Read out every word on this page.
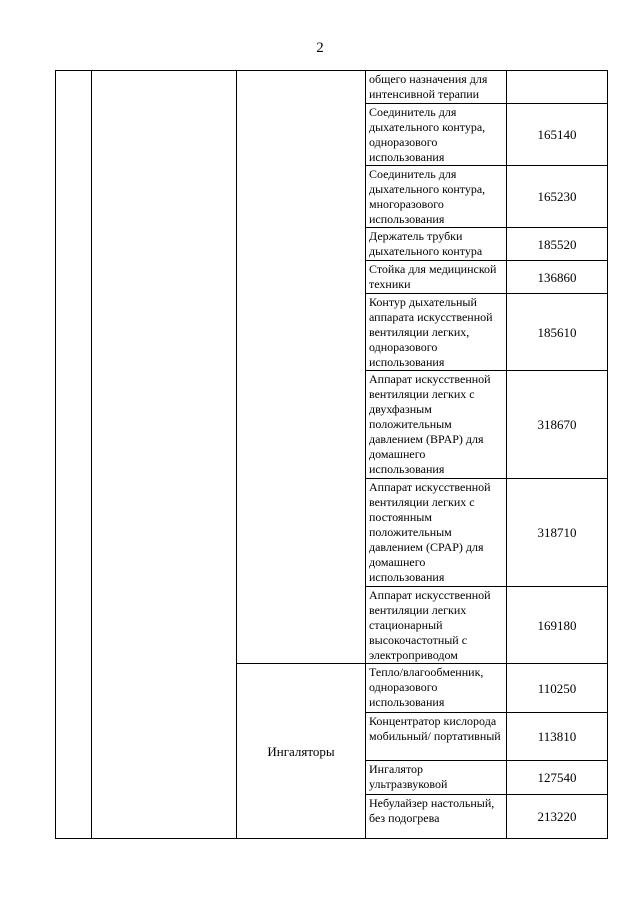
2
			общего назначения для интенсивной терапии	
			Соединитель для дыхательного контура, одноразового использования	165140
			Соединитель для дыхательного контура, многоразового использования	165230
			Держатель трубки дыхательного контура	185520
			Стойка для медицинской техники	136860
			Контур дыхательный аппарата искусственной вентиляции легких, одноразового использования	185610
			Аппарат искусственной вентиляции легких с двухфазным положительным давлением (BPAP) для домашнего использования	318670
			Аппарат искусственной вентиляции легких с постоянным положительным давлением (CPAP) для домашнего использования	318710
			Аппарат искусственной вентиляции легких стационарный высокочастотный с электроприводом	169180
		Ингаляторы	Тепло/влагообменник, одноразового использования	110250
			Концентратор кислорода мобильный/ портативный	113810
			Ингалятор ультразвуковой	127540
			Небулайзер настольный, без подогрева	213220
